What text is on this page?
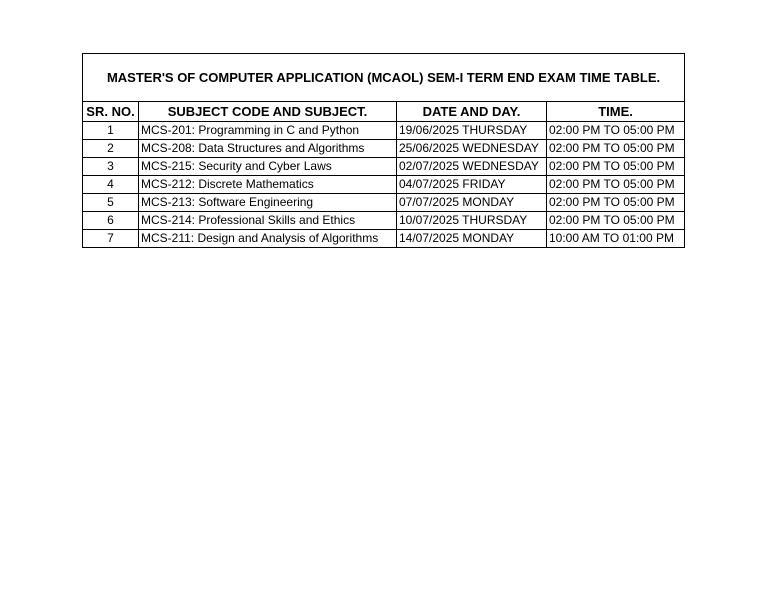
MASTER'S OF COMPUTER APPLICATION (MCAOL) SEM-I TERM END EXAM TIME TABLE.			
SR. NO.	SUBJECT CODE AND SUBJECT.	DATE AND DAY.	TIME.
1	MCS-201: Programming in C and Python	19/06/2025 THURSDAY	02:00 PM TO 05:00 PM
2	MCS-208: Data Structures and Algorithms	25/06/2025 WEDNESDAY	02:00 PM TO 05:00 PM
3	MCS-215: Security and Cyber Laws	02/07/2025 WEDNESDAY	02:00 PM TO 05:00 PM
4	MCS-212: Discrete Mathematics	04/07/2025 FRIDAY	02:00 PM TO 05:00 PM
5	MCS-213: Software Engineering	07/07/2025 MONDAY	02:00 PM TO 05:00 PM
6	MCS-214: Professional Skills and Ethics	10/07/2025 THURSDAY	02:00 PM TO 05:00 PM
7	MCS-211: Design and Analysis of Algorithms	14/07/2025 MONDAY	10:00 AM TO 01:00 PM
